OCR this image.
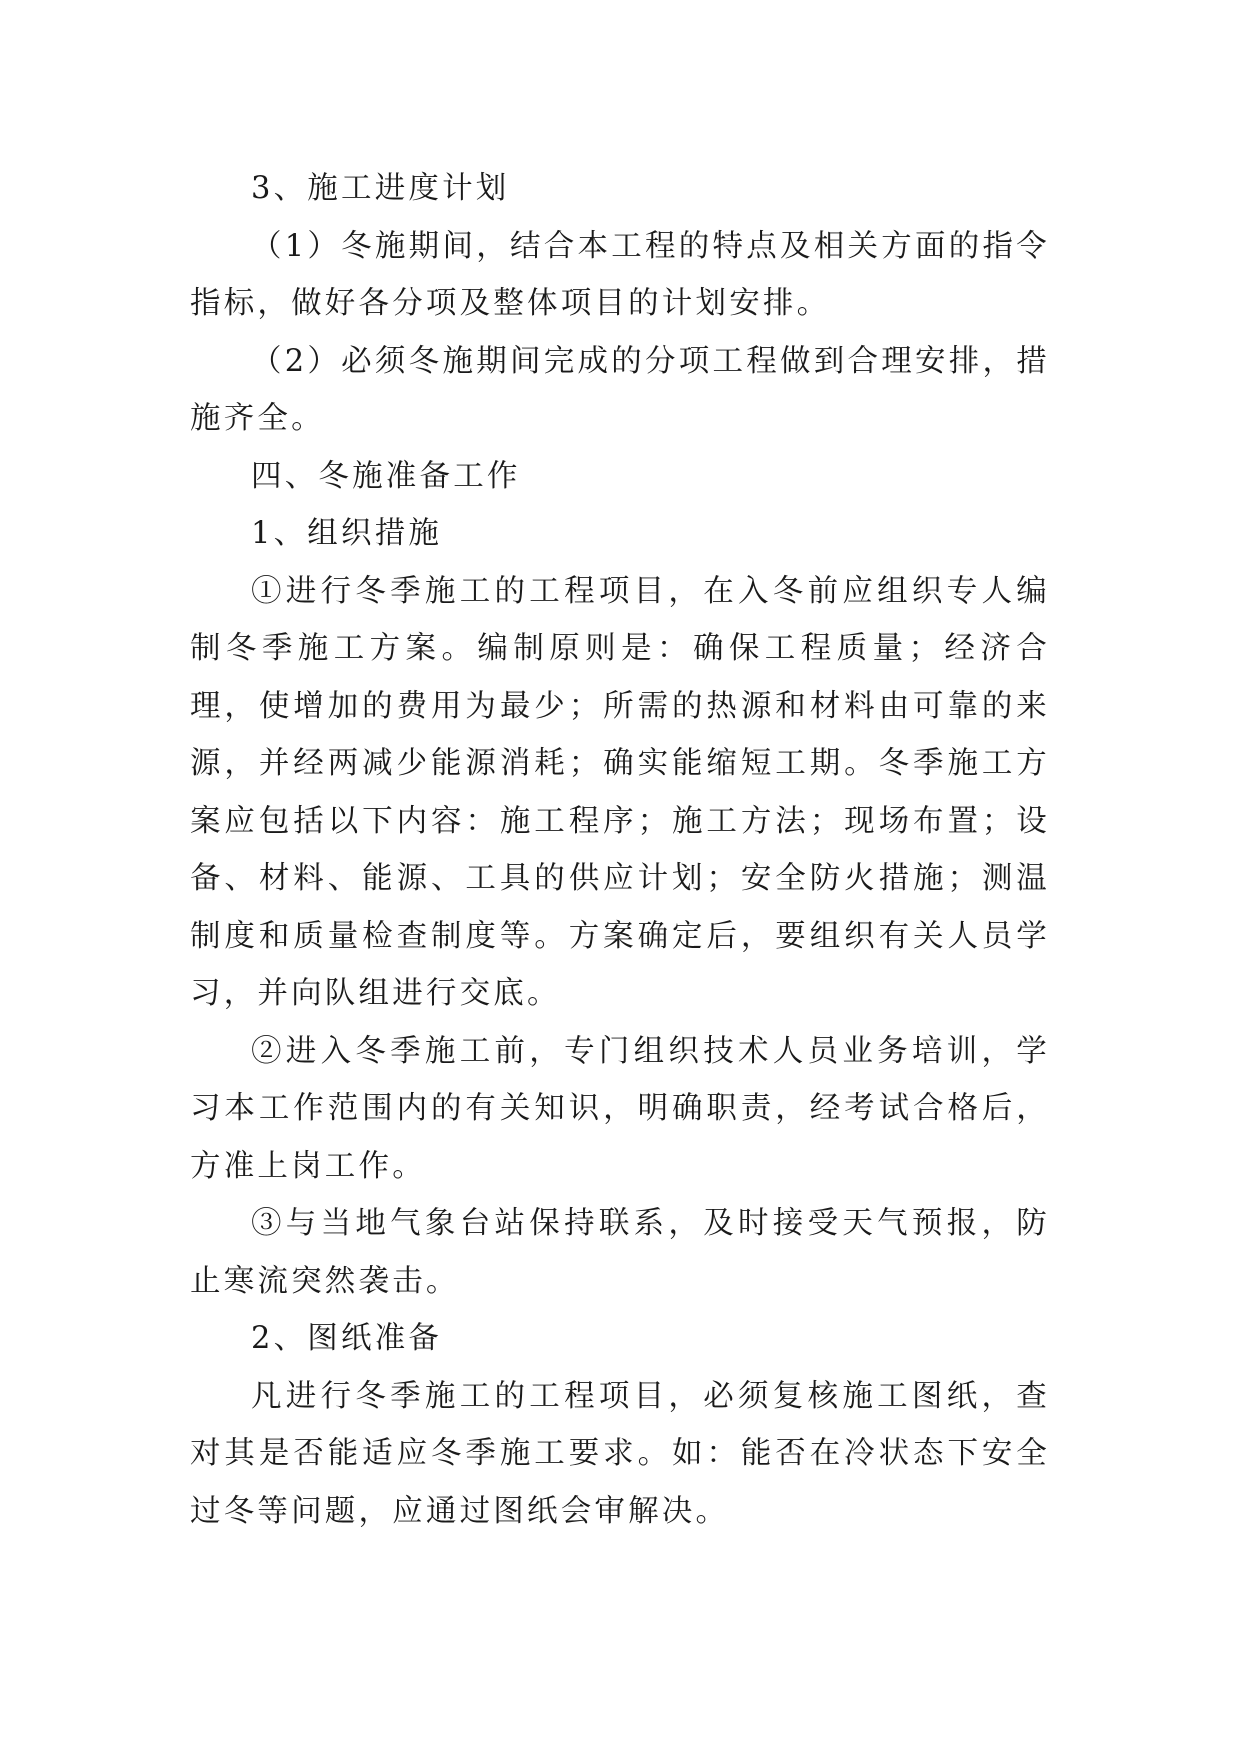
3、施工进度计划

（1）冬施期间，结合本工程的特点及相关方面的指令指标，做好各分项及整体项目的计划安排。

（2）必须冬施期间完成的分项工程做到合理安排，措施齐全。

四、冬施准备工作

1、组织措施

①进行冬季施工的工程项目，在入冬前应组织专人编制冬季施工方案。编制原则是：确保工程质量；经济合理，使增加的费用为最少；所需的热源和材料由可靠的来源，并经两减少能源消耗；确实能缩短工期。冬季施工方案应包括以下内容：施工程序；施工方法；现场布置；设备、材料、能源、工具的供应计划；安全防火措施；测温制度和质量检查制度等。方案确定后，要组织有关人员学习，并向队组进行交底。

②进入冬季施工前，专门组织技术人员业务培训，学习本工作范围内的有关知识，明确职责，经考试合格后，方准上岗工作。

③与当地气象台站保持联系，及时接受天气预报，防止寒流突然袭击。

2、图纸准备

凡进行冬季施工的工程项目，必须复核施工图纸，查对其是否能适应冬季施工要求。如：能否在冷状态下安全过冬等问题，应通过图纸会审解决。
